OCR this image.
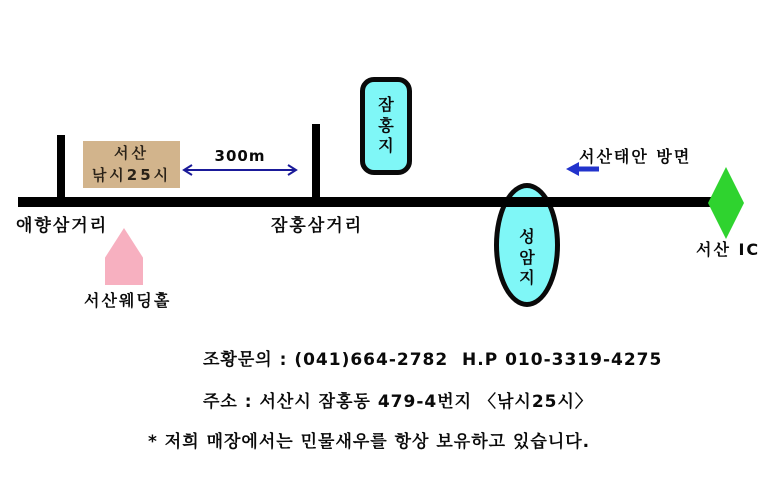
성암지
서산
낚시25시
300m
잠홍지
애향삼거리	잠홍삼거리
서산태안 방면
서산 IC
서산웨딩홀
조황문의 : (041)664-2782  H.P 010-3319-4275
주소 : 서산시 잠홍동 479-4번지 〈낚시25시〉
* 저희 매장에서는 민물새우를 항상 보유하고 있습니다.
